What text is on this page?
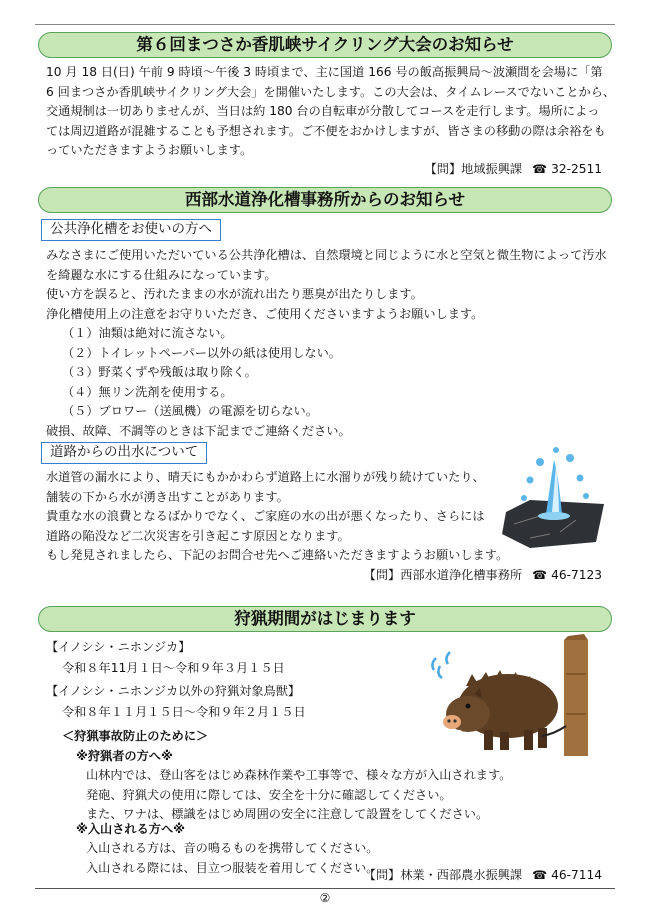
第６回まつさか香肌峡サイクリング大会のお知らせ

10 月 18 日(日) 午前 9 時頃～午後 3 時頃まで、主に国道 166 号の飯高振興局～波瀬間を会場に「第

6 回まつさか香肌峡サイクリング大会」を開催いたします。この大会は、タイムレースでないことから、

交通規制は一切ありませんが、当日は約 180 台の自転車が分散してコースを走行します。場所によっ

ては周辺道路が混雑することも予想されます。ご不便をおかけしますが、皆さまの移動の際は余裕をも

っていただきますようお願いします。

【問】地域振興課 ☎ 32-2511
西部水道浄化槽事務所からのお知らせ
公共浄化槽をお使いの方へ

みなさまにご使用いただいている公共浄化槽は、自然環境と同じように水と空気と微生物によって汚水

を綺麗な水にする仕組みになっています。

使い方を誤ると、汚れたままの水が流れ出たり悪臭が出たりします。

浄化槽使用上の注意をお守りいただき、ご使用くださいますようお願いします。

（１）油類は絶対に流さない。

（２）トイレットペーパー以外の紙は使用しない。

（３）野菜くずや残飯は取り除く。

（４）無リン洗剤を使用する。

（５）ブロワー（送風機）の電源を切らない。

破損、故障、不調等のときは下記までご連絡ください。

道路からの出水について

水道管の漏水により、晴天にもかかわらず道路上に水溜りが残り続けていたり、

舗装の下から水が湧き出すことがあります。

貴重な水の浪費となるばかりでなく、ご家庭の水の出が悪くなったり、さらには

道路の陥没など二次災害を引き起こす原因となります。

もし発見されましたら、下記のお問合せ先へご連絡いただきますようお願いします。

【問】西部水道浄化槽事務所 ☎ 46-7123
狩猟期間がはじまります
【イノシシ・ニホンジカ】
令和８年11月１日～令和９年３月１５日
【イノシシ・ニホンジカ以外の狩猟対象鳥獣】
令和８年１１月１５日～令和９年２月１５日
＜狩猟事故防止のために＞
※狩猟者の方へ※

山林内では、登山客をはじめ森林作業や工事等で、様々な方が入山されます。

発砲、狩猟犬の使用に際しては、安全を十分に確認してください。

また、ワナは、標識をはじめ周囲の安全に注意して設置をしてください。

※入山される方へ※

入山される方は、音の鳴るものを携帯してください。

入山される際には、目立つ服装を着用してください。

【問】林業・西部農水振興課 ☎ 46-7114
②
